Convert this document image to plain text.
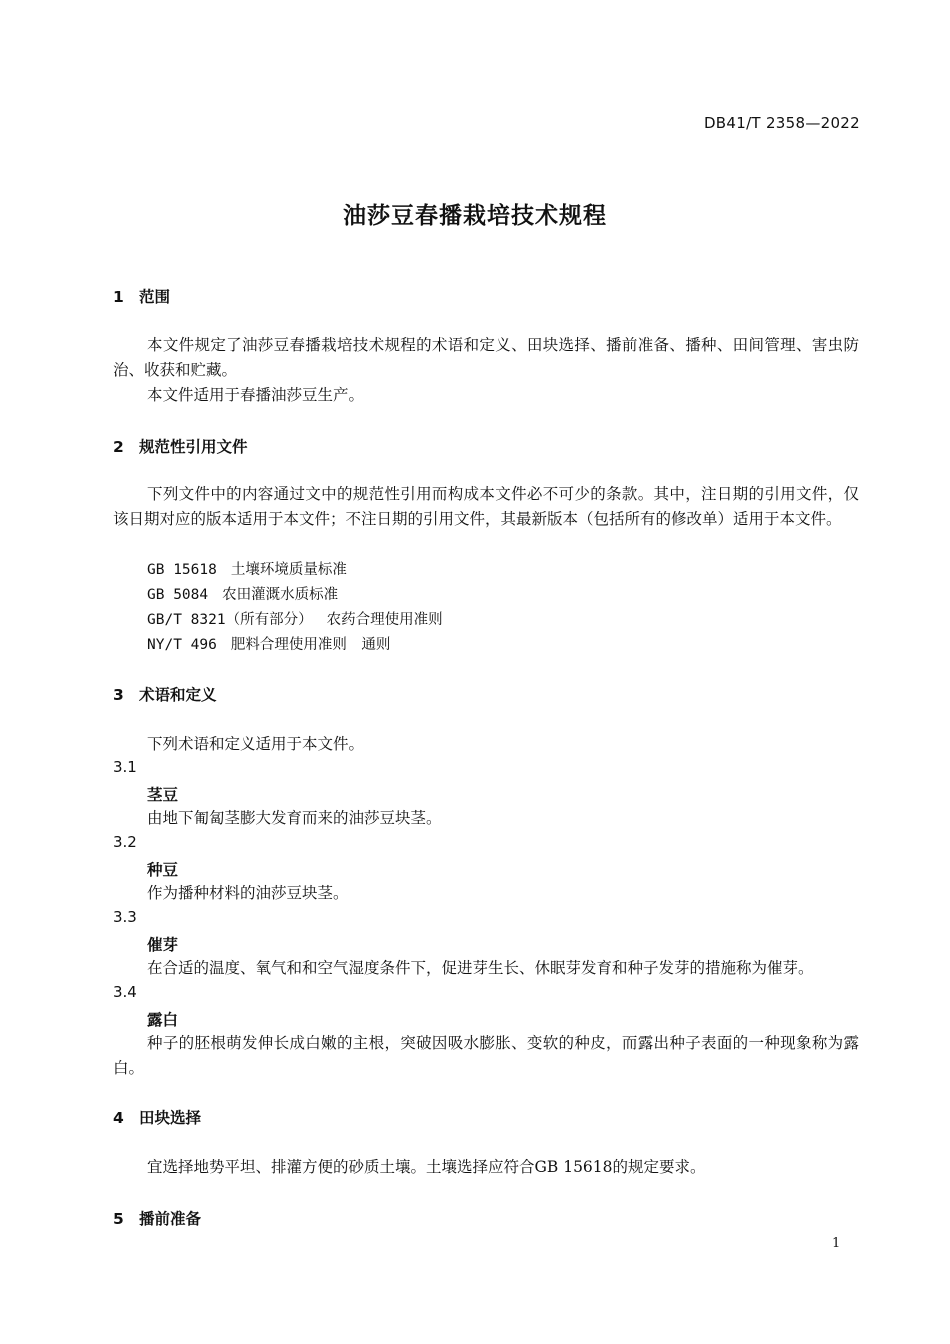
DB41/T 2358—2022
油莎豆春播栽培技术规程
1 范围
本文件规定了油莎豆春播栽培技术规程的术语和定义、田块选择、播前准备、播种、田间管理、害虫防治、收获和贮藏。
本文件适用于春播油莎豆生产。
2 规范性引用文件
下列文件中的内容通过文中的规范性引用而构成本文件必不可少的条款。其中，注日期的引用文件，仅该日期对应的版本适用于本文件；不注日期的引用文件，其最新版本（包括所有的修改单）适用于本文件。
GB 15618 土壤环境质量标准
GB 5084 农田灌溉水质标准
GB/T 8321（所有部分） 农药合理使用准则
NY/T 496 肥料合理使用准则　通则
3 术语和定义
下列术语和定义适用于本文件。
3.1
茎豆
由地下匍匐茎膨大发育而来的油莎豆块茎。
3.2
种豆
作为播种材料的油莎豆块茎。
3.3
催芽
在合适的温度、氧气和和空气湿度条件下，促进芽生长、休眠芽发育和种子发芽的措施称为催芽。
3.4
露白
种子的胚根萌发伸长成白嫩的主根，突破因吸水膨胀、变软的种皮，而露出种子表面的一种现象称为露白。
4 田块选择
宜选择地势平坦、排灌方便的砂质土壤。土壤选择应符合GB 15618的规定要求。
5 播前准备
1
